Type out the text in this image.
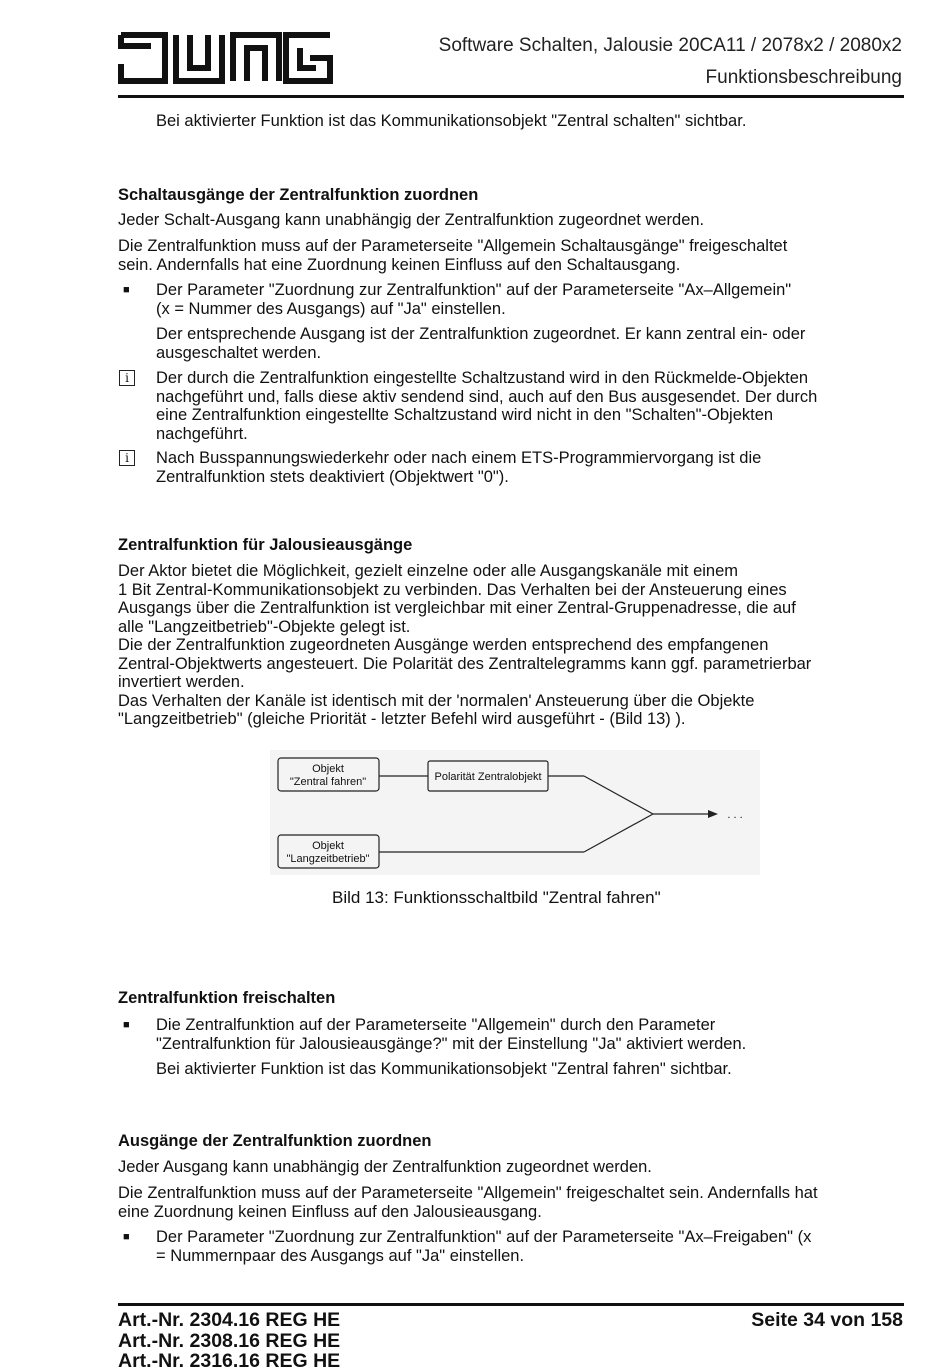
Software Schalten, Jalousie 20CA11 / 2078x2 / 2080x2
Funktionsbeschreibung
Bei aktivierter Funktion ist das Kommunikationsobjekt "Zentral schalten" sichtbar.
Schaltausgänge der Zentralfunktion zuordnen
Jeder Schalt-Ausgang kann unabhängig der Zentralfunktion zugeordnet werden.
Die Zentralfunktion muss auf der Parameterseite "Allgemein Schaltausgänge" freigeschaltet
sein. Andernfalls hat eine Zuordnung keinen Einfluss auf den Schaltausgang.
■ Der Parameter "Zuordnung zur Zentralfunktion" auf der Parameterseite "Ax–Allgemein"
(x = Nummer des Ausgangs) auf "Ja" einstellen.
Der entsprechende Ausgang ist der Zentralfunktion zugeordnet. Er kann zentral ein- oder
ausgeschaltet werden.
i	Der durch die Zentralfunktion eingestellte Schaltzustand wird in den Rückmelde-Objekten
nachgeführt und, falls diese aktiv sendend sind, auch auf den Bus ausgesendet. Der durch
eine Zentralfunktion eingestellte Schaltzustand wird nicht in den "Schalten"-Objekten
nachgeführt.
i	Nach Busspannungswiederkehr oder nach einem ETS-Programmiervorgang ist die
Zentralfunktion stets deaktiviert (Objektwert "0").
Zentralfunktion für Jalousieausgänge
Der Aktor bietet die Möglichkeit, gezielt einzelne oder alle Ausgangskanäle mit einem
1 Bit Zentral-Kommunikationsobjekt zu verbinden. Das Verhalten bei der Ansteuerung eines
Ausgangs über die Zentralfunktion ist vergleichbar mit einer Zentral-Gruppenadresse, die auf
alle "Langzeitbetrieb"-Objekte gelegt ist.
Die der Zentralfunktion zugeordneten Ausgänge werden entsprechend des empfangenen
Zentral-Objektwerts angesteuert. Die Polarität des Zentraltelegramms kann ggf. parametrierbar
invertiert werden.
Das Verhalten der Kanäle ist identisch mit der 'normalen' Ansteuerung über die Objekte
"Langzeitbetrieb" (gleiche Priorität - letzter Befehl wird ausgeführt - (Bild 13) ).
Objekt
"Zentral fahren"	Polarität Zentralobjekt
Objekt
"Langzeitbetrieb"
. . .
Bild 13: Funktionsschaltbild "Zentral fahren"
Zentralfunktion freischalten
■ Die Zentralfunktion auf der Parameterseite "Allgemein" durch den Parameter
"Zentralfunktion für Jalousieausgänge?" mit der Einstellung "Ja" aktiviert werden.
Bei aktivierter Funktion ist das Kommunikationsobjekt "Zentral fahren" sichtbar.
Ausgänge der Zentralfunktion zuordnen
Jeder Ausgang kann unabhängig der Zentralfunktion zugeordnet werden.
Die Zentralfunktion muss auf der Parameterseite "Allgemein" freigeschaltet sein. Andernfalls hat
eine Zuordnung keinen Einfluss auf den Jalousieausgang.
■ Der Parameter "Zuordnung zur Zentralfunktion" auf der Parameterseite "Ax–Freigaben" (x
= Nummernpaar des Ausgangs auf "Ja" einstellen.
Art.-Nr. 2304.16 REG HE
Art.-Nr. 2308.16 REG HE
Art.-Nr. 2316.16 REG HE
Seite 34 von 158
